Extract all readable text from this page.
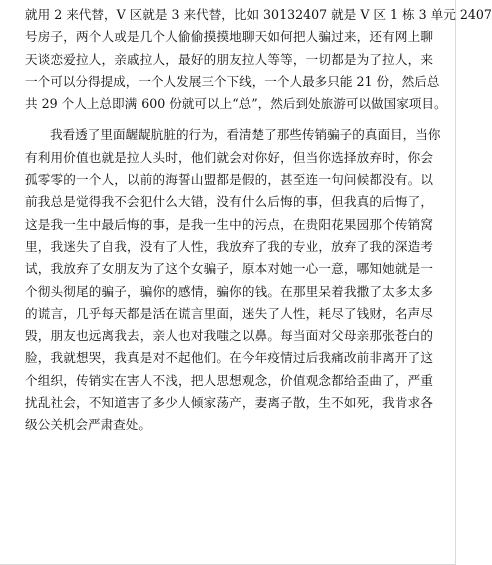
就用 2 来代替，V 区就是 3 来代替，比如 30132407 就是 V 区 1 栋 3 单元 2407
号房子，两个人或是几个人偷偷摸摸地聊天如何把人骗过来，还有网上聊
天谈恋爱拉人，亲戚拉人，最好的朋友拉人等等，一切都是为了拉人，来
一个可以分得提成，一个人发展三个下线，一个人最多只能 21 份，然后总
共 29 个人上总即满 600 份就可以上“总”，然后到处旅游可以做国家项目。
我看透了里面龌龊肮脏的行为，看清楚了那些传销骗子的真面目，当你
有利用价值也就是拉人头时，他们就会对你好，但当你选择放弃时，你会
孤零零的一个人，以前的海誓山盟都是假的，甚至连一句问候都没有。以
前我总是觉得我不会犯什么大错，没有什么后悔的事，但我真的后悔了，
这是我一生中最后悔的事，是我一生中的污点，在贵阳花果园那个传销窝
里，我迷失了自我，没有了人性，我放弃了我的专业，放弃了我的深造考
试，我放弃了女朋友为了这个女骗子，原本对她一心一意，哪知她就是一
个彻头彻尾的骗子，骗你的感情，骗你的钱。在那里呆着我撒了太多太多
的谎言，几乎每天都是活在谎言里面，迷失了人性，耗尽了钱财，名声尽
毁，朋友也远离我去，亲人也对我嗤之以鼻。每当面对父母亲那张苍白的
脸，我就想哭，我真是对不起他们。在今年疫情过后我痛改前非离开了这
个组织，传销实在害人不浅，把人思想观念，价值观念都给歪曲了，严重
扰乱社会，不知道害了多少人倾家荡产，妻离子散，生不如死，我肯求各
级公关机会严肃查处。
